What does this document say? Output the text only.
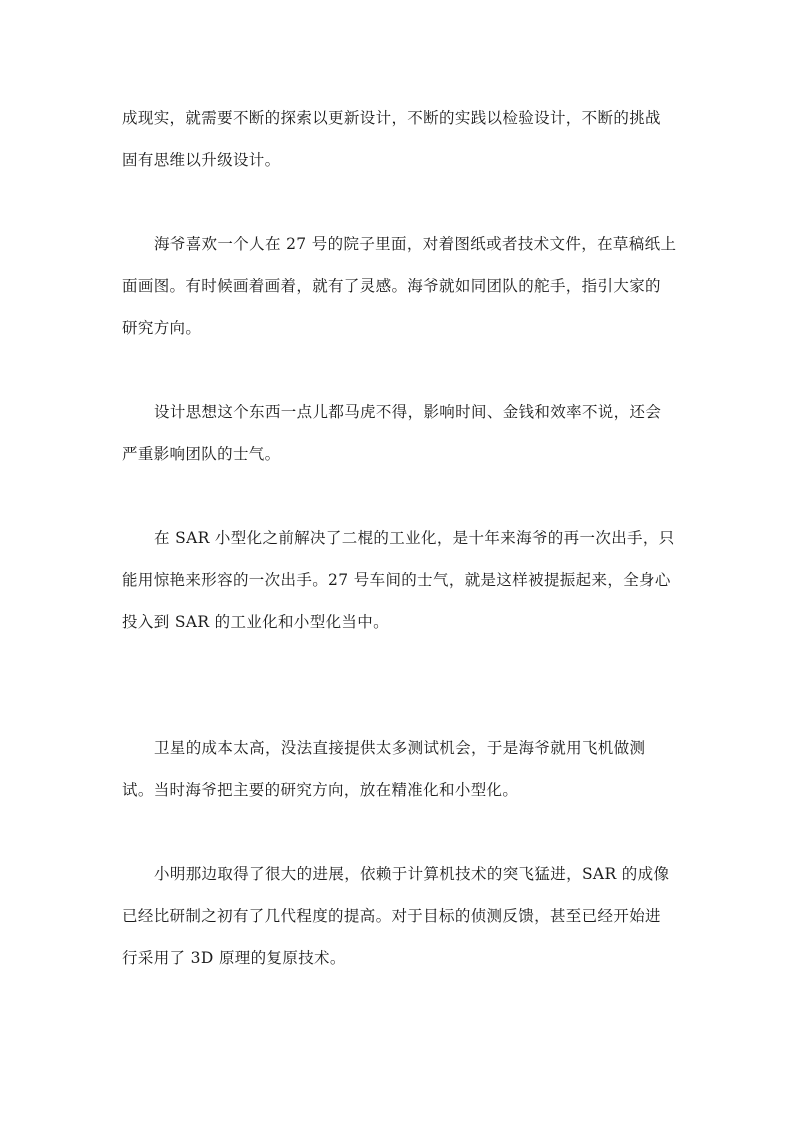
成现实，就需要不断的探索以更新设计，不断的实践以检验设计，不断的挑战
固有思维以升级设计。
海爷喜欢一个人在 27 号的院子里面，对着图纸或者技术文件，在草稿纸上
面画图。有时候画着画着，就有了灵感。海爷就如同团队的舵手，指引大家的
研究方向。
设计思想这个东西一点儿都马虎不得，影响时间、金钱和效率不说，还会
严重影响团队的士气。
在 SAR 小型化之前解决了二棍的工业化，是十年来海爷的再一次出手，只
能用惊艳来形容的一次出手。27 号车间的士气，就是这样被提振起来，全身心
投入到 SAR 的工业化和小型化当中。
卫星的成本太高，没法直接提供太多测试机会，于是海爷就用飞机做测
试。当时海爷把主要的研究方向，放在精准化和小型化。
小明那边取得了很大的进展，依赖于计算机技术的突飞猛进，SAR 的成像
已经比研制之初有了几代程度的提高。对于目标的侦测反馈，甚至已经开始进
行采用了 3D 原理的复原技术。
